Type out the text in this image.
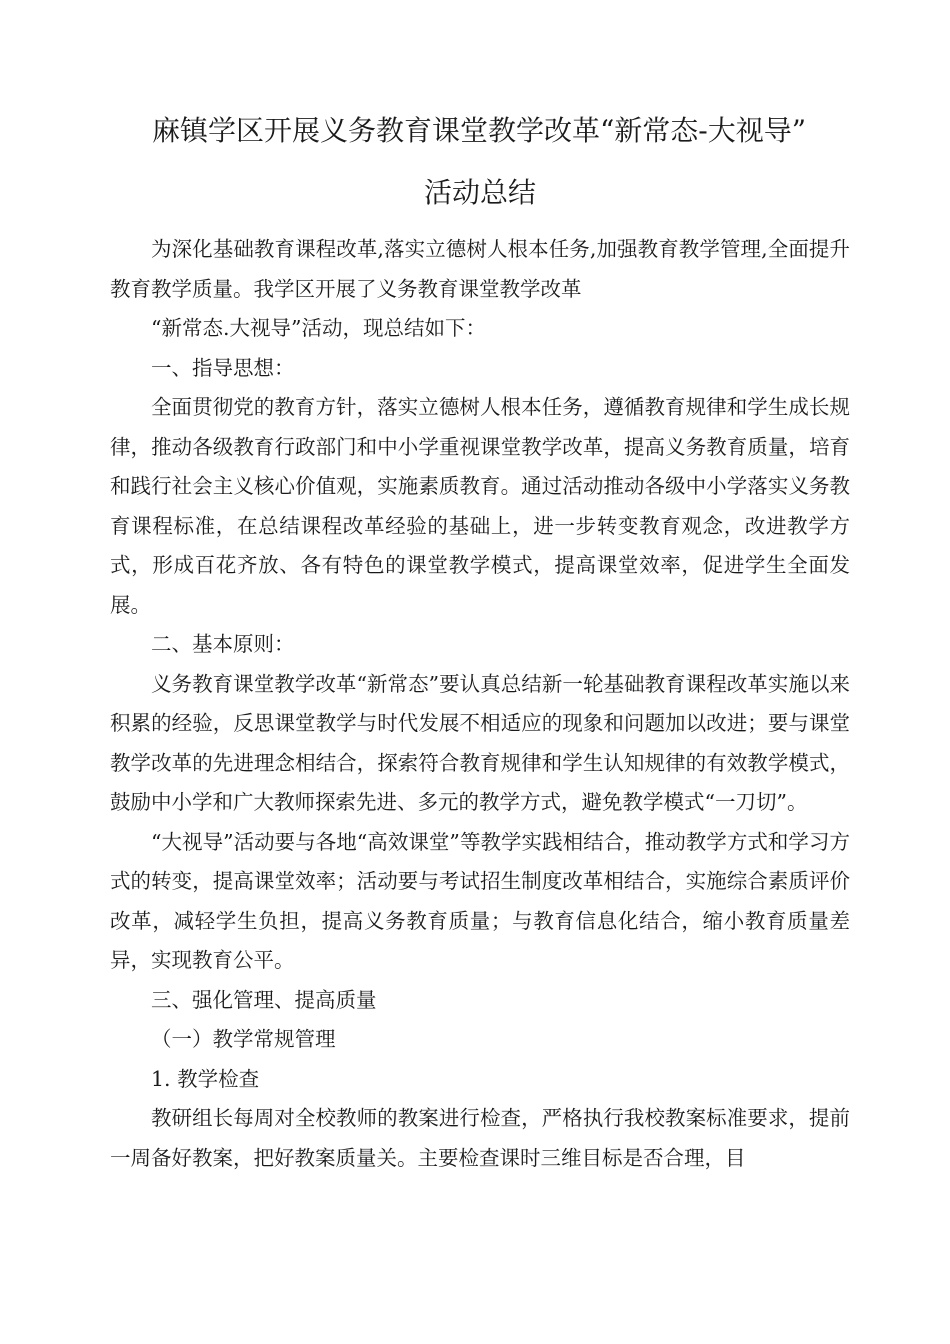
麻镇学区开展义务教育课堂教学改革“新常态-大视导”
活动总结

为深化基础教育课程改革,落实立德树人根本任务,加强教育教学管理,全面提升教育教学质量。我学区开展了义务教育课堂教学改革

“新常态.大视导”活动，现总结如下：

一、指导思想：

全面贯彻党的教育方针，落实立德树人根本任务，遵循教育规律和学生成长规律，推动各级教育行政部门和中小学重视课堂教学改革，提高义务教育质量，培育和践行社会主义核心价值观，实施素质教育。通过活动推动各级中小学落实义务教育课程标准，在总结课程改革经验的基础上，进一步转变教育观念，改进教学方式，形成百花齐放、各有特色的课堂教学模式，提高课堂效率，促进学生全面发展。

二、基本原则：

义务教育课堂教学改革“新常态”要认真总结新一轮基础教育课程改革实施以来积累的经验，反思课堂教学与时代发展不相适应的现象和问题加以改进；要与课堂教学改革的先进理念相结合，探索符合教育规律和学生认知规律的有效教学模式，鼓励中小学和广大教师探索先进、多元的教学方式，避免教学模式“一刀切”。

“大视导”活动要与各地“高效课堂”等教学实践相结合，推动教学方式和学习方式的转变，提高课堂效率；活动要与考试招生制度改革相结合，实施综合素质评价改革，减轻学生负担，提高义务教育质量；与教育信息化结合，缩小教育质量差异，实现教育公平。

三、强化管理、提高质量

（一）教学常规管理

1. 教学检查

教研组长每周对全校教师的教案进行检查，严格执行我校教案标准要求，提前一周备好教案，把好教案质量关。主要检查课时三维目标是否合理，目
